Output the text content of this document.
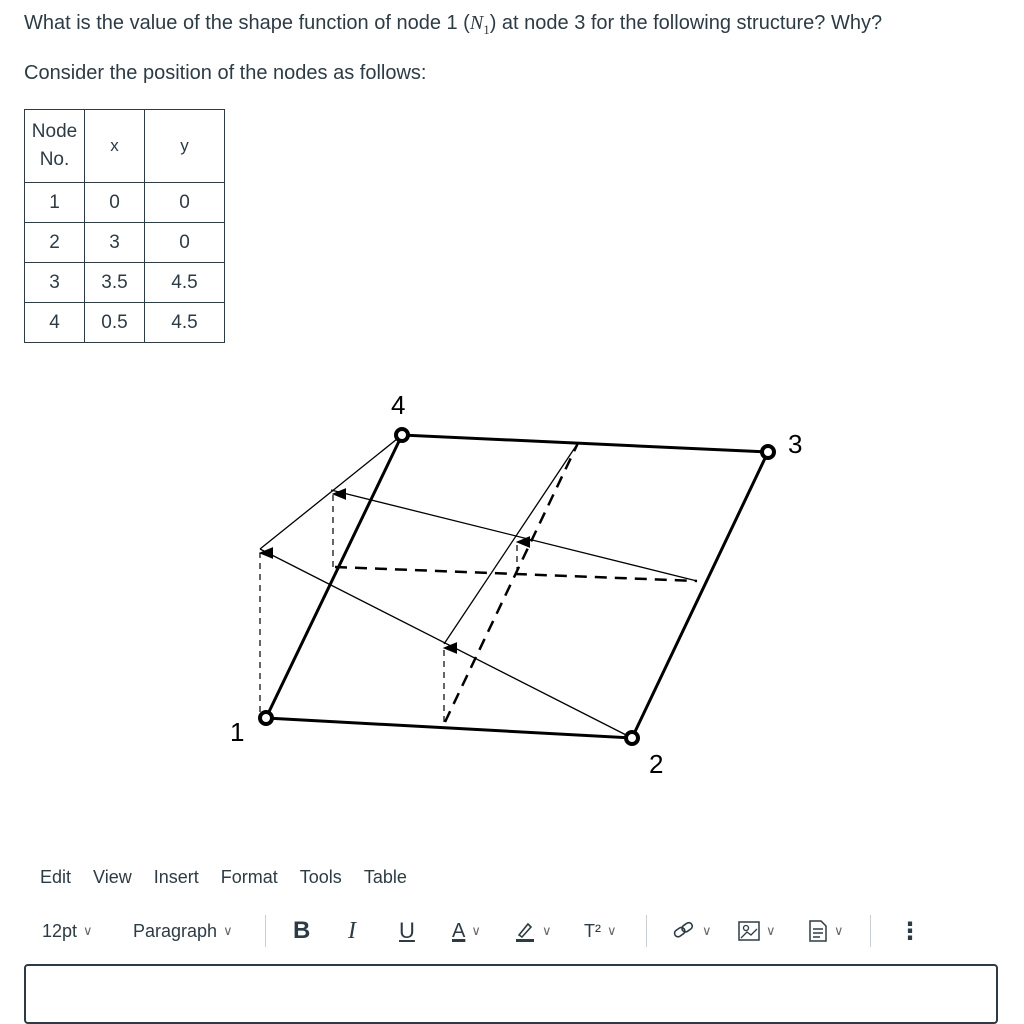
What is the value of the shape function of node 1 $(N_1)$ at node 3 for the following structure? Why?
Consider the position of the nodes as follows:
Node
No.	x	y
1	0	0
2	3	0
3	3.5	4.5
4	0.5	4.5
1
2
3
4
Edit View Insert Format Tools Table
12pt ∨ Paragraph ∨	B I U A ∨	∨ T² ∨	∨	∨	∨ ⋮
